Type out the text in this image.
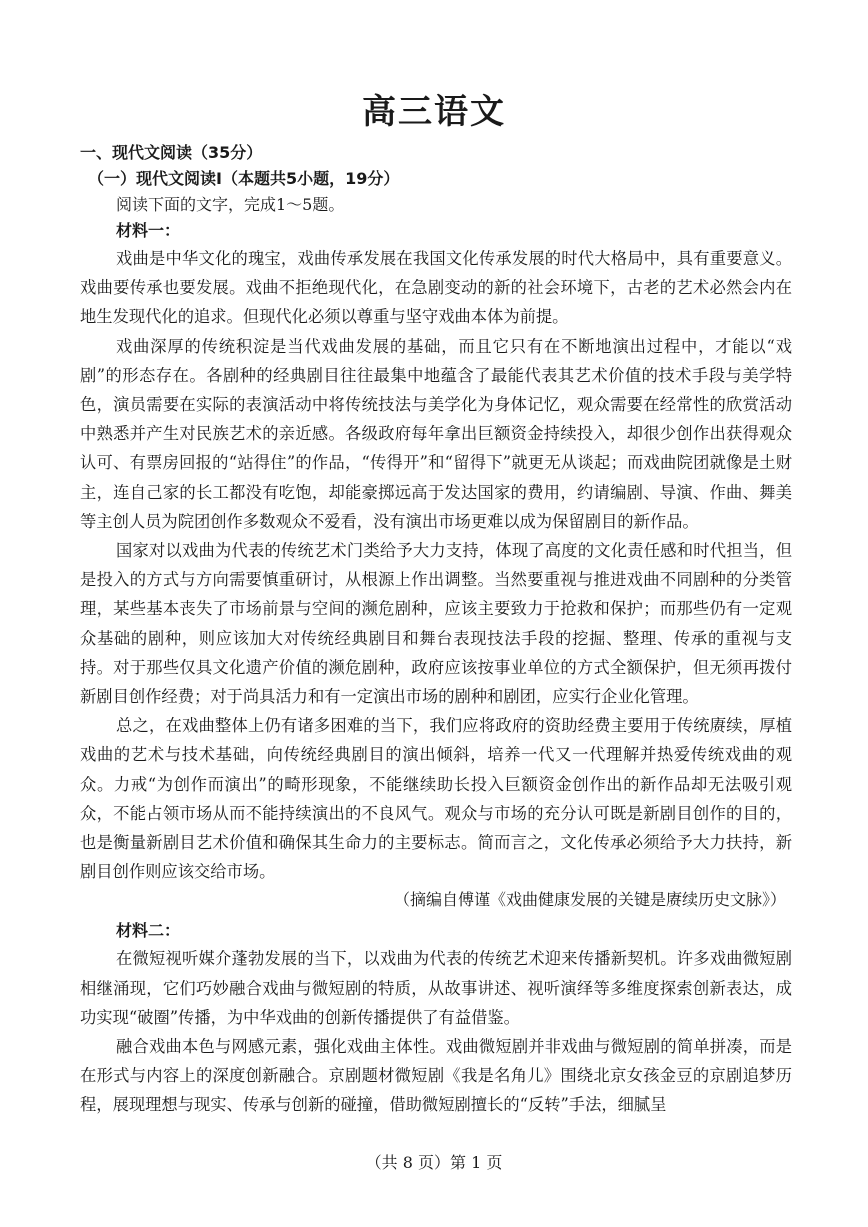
高三语文
一、现代文阅读（35分）
（一）现代文阅读I（本题共5小题，19分）
阅读下面的文字，完成1～5题。
材料一：

戏曲是中华文化的瑰宝，戏曲传承发展在我国文化传承发展的时代大格局中，具有重要意义。戏曲要传承也要发展。戏曲不拒绝现代化，在急剧变动的新的社会环境下，古老的艺术必然会内在地生发现代化的追求。但现代化必须以尊重与坚守戏曲本体为前提。

戏曲深厚的传统积淀是当代戏曲发展的基础，而且它只有在不断地演出过程中，才能以“戏剧”的形态存在。各剧种的经典剧目往往最集中地蕴含了最能代表其艺术价值的技术手段与美学特色，演员需要在实际的表演活动中将传统技法与美学化为身体记忆，观众需要在经常性的欣赏活动中熟悉并产生对民族艺术的亲近感。各级政府每年拿出巨额资金持续投入，却很少创作出获得观众认可、有票房回报的“站得住”的作品，“传得开”和“留得下”就更无从谈起；而戏曲院团就像是土财主，连自己家的长工都没有吃饱，却能豪掷远高于发达国家的费用，约请编剧、导演、作曲、舞美等主创人员为院团创作多数观众不爱看，没有演出市场更难以成为保留剧目的新作品。

国家对以戏曲为代表的传统艺术门类给予大力支持，体现了高度的文化责任感和时代担当，但是投入的方式与方向需要慎重研讨，从根源上作出调整。当然要重视与推进戏曲不同剧种的分类管理，某些基本丧失了市场前景与空间的濒危剧种，应该主要致力于抢救和保护；而那些仍有一定观众基础的剧种，则应该加大对传统经典剧目和舞台表现技法手段的挖掘、整理、传承的重视与支持。对于那些仅具文化遗产价值的濒危剧种，政府应该按事业单位的方式全额保护，但无须再拨付新剧目创作经费；对于尚具活力和有一定演出市场的剧种和剧团，应实行企业化管理。

总之，在戏曲整体上仍有诸多困难的当下，我们应将政府的资助经费主要用于传统赓续，厚植戏曲的艺术与技术基础，向传统经典剧目的演出倾斜，培养一代又一代理解并热爱传统戏曲的观众。力戒“为创作而演出”的畸形现象，不能继续助长投入巨额资金创作出的新作品却无法吸引观众，不能占领市场从而不能持续演出的不良风气。观众与市场的充分认可既是新剧目创作的目的，也是衡量新剧目艺术价值和确保其生命力的主要标志。简而言之，文化传承必须给予大力扶持，新剧目创作则应该交给市场。

（摘编自傅谨《戏曲健康发展的关键是赓续历史文脉》）
材料二：

在微短视听媒介蓬勃发展的当下，以戏曲为代表的传统艺术迎来传播新契机。许多戏曲微短剧相继涌现，它们巧妙融合戏曲与微短剧的特质，从故事讲述、视听演绎等多维度探索创新表达，成功实现“破圈”传播，为中华戏曲的创新传播提供了有益借鉴。

融合戏曲本色与网感元素，强化戏曲主体性。戏曲微短剧并非戏曲与微短剧的简单拼凑，而是在形式与内容上的深度创新融合。京剧题材微短剧《我是名角儿》围绕北京女孩金豆的京剧追梦历程，展现理想与现实、传承与创新的碰撞，借助微短剧擅长的“反转”手法，细腻呈

（共 8 页）第 1 页
